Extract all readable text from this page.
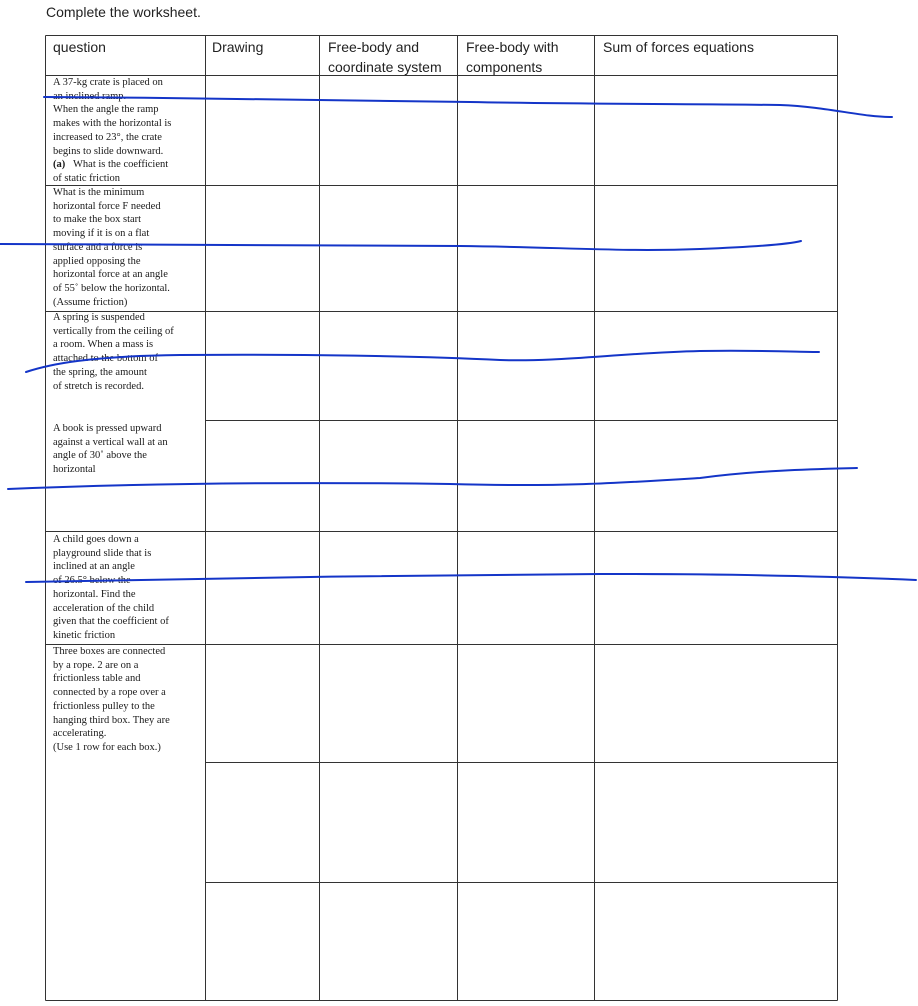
Complete the worksheet.
question	Drawing	Free-body and
coordinate system
Free-body with
components
Sum of forces equations

A 37-kg crate is placed on
an inclined ramp.
When the angle the ramp
makes with the horizontal is
increased to 23°, the crate
begins to slide downward.

(a) What is the coefficient
of static friction

What is the minimum
horizontal force F needed
to make the box start
moving if it is on a flat
surface and a force is
applied opposing the
horizontal force at an angle
of 55˚ below the horizontal.
(Assume friction)

A spring is suspended
vertically from the ceiling of
a room. When a mass is
attached to the bottom of
the spring, the amount
of stretch is recorded.

A book is pressed upward
against a vertical wall at an
angle of 30˚ above the
horizontal

A child goes down a
playground slide that is
inclined at an angle
of 26.5° below the
horizontal. Find the
acceleration of the child
given that the coefficient of
kinetic friction

Three boxes are connected
by a rope. 2 are on a
frictionless table and
connected by a rope over a
frictionless pulley to the
hanging third box. They are
accelerating.
(Use 1 row for each box.)
